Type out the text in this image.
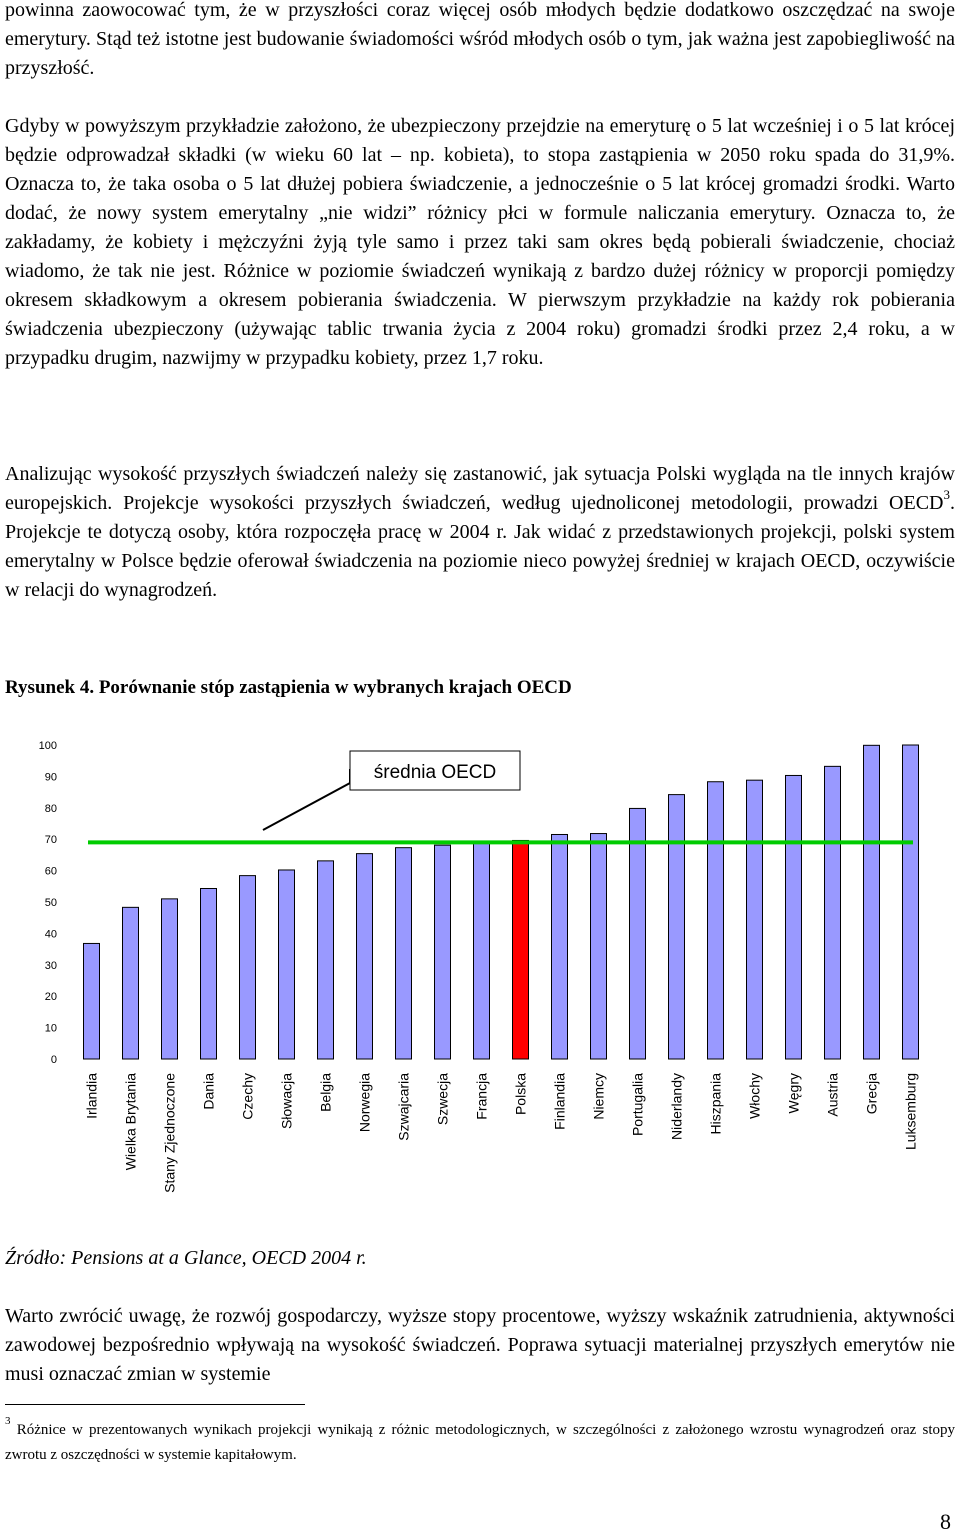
powinna zaowocować tym, że w przyszłości coraz więcej osób młodych będzie dodatkowo oszczędzać na swoje emerytury. Stąd też istotne jest budowanie świadomości wśród młodych osób o tym, jak ważna jest zapobiegliwość na przyszłość.

Gdyby w powyższym przykładzie założono, że ubezpieczony przejdzie na emeryturę o 5 lat wcześniej i o 5 lat krócej będzie odprowadzał składki (w wieku 60 lat – np. kobieta), to stopa zastąpienia w 2050 roku spada do 31,9%. Oznacza to, że taka osoba o 5 lat dłużej pobiera świadczenie, a jednocześnie o 5 lat krócej gromadzi środki. Warto dodać, że nowy system emerytalny „nie widzi” różnicy płci w formule naliczania emerytury. Oznacza to, że zakładamy, że kobiety i mężczyźni żyją tyle samo i przez taki sam okres będą pobierali świadczenie, chociaż wiadomo, że tak nie jest. Różnice w poziomie świadczeń wynikają z bardzo dużej różnicy w proporcji pomiędzy okresem składkowym a okresem pobierania świadczenia. W pierwszym przykładzie na każdy rok pobierania świadczenia ubezpieczony (używając tablic trwania życia z 2004 roku) gromadzi środki przez 2,4 roku, a w przypadku drugim, nazwijmy w przypadku kobiety, przez 1,7 roku.

Analizując wysokość przyszłych świadczeń należy się zastanowić, jak sytuacja Polski wygląda na tle innych krajów europejskich. Projekcje wysokości przyszłych świadczeń, według ujednoliconej metodologii, prowadzi OECD$^3$. Projekcje te dotyczą osoby, która rozpoczęła pracę w 2004 r. Jak widać z przedstawionych projekcji, polski system emerytalny w Polsce będzie oferował świadczenia na poziomie nieco powyżej średniej w krajach OECD, oczywiście w relacji do wynagrodzeń.

Rysunek 4. Porównanie stóp zastąpienia w wybranych krajach OECD
0
10
20
30
40
50
60
70
80
90
100
średnia OECD
Irlandia Wielka Brytania Stany Zjednoczone Dania Czechy Słowacja Belgia Norwegia Szwajcaria Szwecja Francja Polska Finlandia Niemcy Portugalia Niderlandy Hiszpania Włochy Węgry Austria Grecja Luksemburg
Źródło: Pensions at a Glance, OECD 2004 r.

Warto zwrócić uwagę, że rozwój gospodarczy, wyższe stopy procentowe, wyższy wskaźnik zatrudnienia, aktywności zawodowej bezpośrednio wpływają na wysokość świadczeń. Poprawa sytuacji materialnej przyszłych emerytów nie musi oznaczać zmian w systemie

$^3$ Różnice w prezentowanych wynikach projekcji wynikają z różnic metodologicznych, w szczególności z założonego wzrostu wynagrodzeń oraz stopy zwrotu z oszczędności w systemie kapitałowym.
8
